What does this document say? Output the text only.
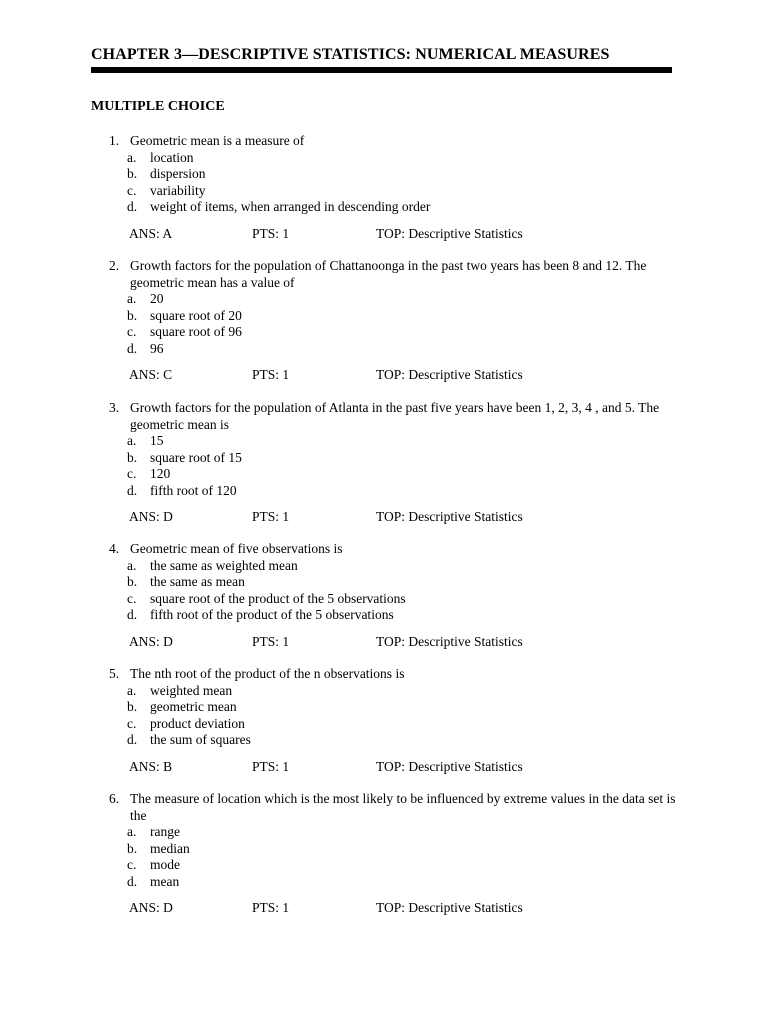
CHAPTER 3—DESCRIPTIVE STATISTICS: NUMERICAL MEASURES
MULTIPLE CHOICE
1. Geometric mean is a measure of
a. location
b. dispersion
c. variability
d. weight of items, when arranged in descending order
ANS: A	PTS: 1	TOP: Descriptive Statistics
2. Growth factors for the population of Chattanoonga in the past two years has been 8 and 12. The geometric mean has a value of
a. 20
b. square root of 20
c. square root of 96
d. 96
ANS: C	PTS: 1	TOP: Descriptive Statistics
3. Growth factors for the population of Atlanta in the past five years have been 1, 2, 3, 4 , and 5. The geometric mean is
a. 15
b. square root of 15
c. 120
d. fifth root of 120
ANS: D	PTS: 1	TOP: Descriptive Statistics
4. Geometric mean of five observations is
a. the same as weighted mean
b. the same as mean
c. square root of the product of the 5 observations
d. fifth root of the product of the 5 observations
ANS: D	PTS: 1	TOP: Descriptive Statistics
5. The nth root of the product of the n observations is
a. weighted mean
b. geometric mean
c. product deviation
d. the sum of squares
ANS: B	PTS: 1	TOP: Descriptive Statistics
6. The measure of location which is the most likely to be influenced by extreme values in the data set is the
a. range
b. median
c. mode
d. mean
ANS: D	PTS: 1	TOP: Descriptive Statistics
